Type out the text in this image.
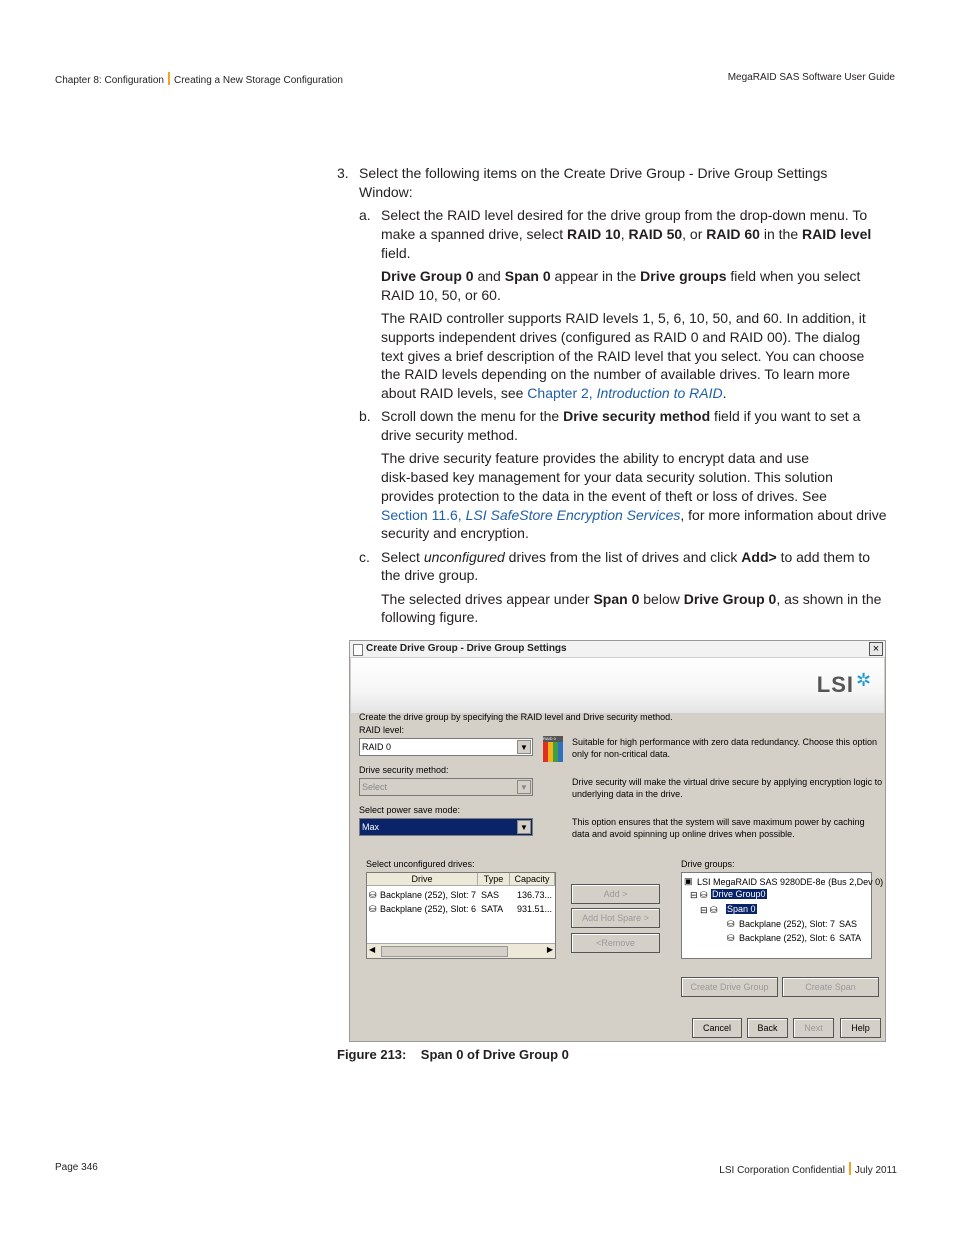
Chapter 8: Configuration Creating a New Storage Configuration	MegaRAID SAS Software User Guide
3. Select the following items on the Create Drive Group - Drive Group Settings
Window:
a. Select the RAID level desired for the drive group from the drop-down menu. To
make a spanned drive, select RAID 10, RAID 50, or RAID 60 in the RAID level
field.
Drive Group 0 and Span 0 appear in the Drive groups field when you select
RAID 10, 50, or 60.
The RAID controller supports RAID levels 1, 5, 6, 10, 50, and 60. In addition, it
supports independent drives (configured as RAID 0 and RAID 00). The dialog
text gives a brief description of the RAID level that you select. You can choose
the RAID levels depending on the number of available drives. To learn more
about RAID levels, see Chapter 2, Introduction to RAID.
b. Scroll down the menu for the Drive security method field if you want to set a
drive security method.
The drive security feature provides the ability to encrypt data and use
disk-based key management for your data security solution. This solution
provides protection to the data in the event of theft or loss of drives. See
Section 11.6, LSI SafeStore Encryption Services, for more information about drive
security and encryption.
c. Select unconfigured drives from the list of drives and click Add> to add them to
the drive group.
The selected drives appear under Span 0 below Drive Group 0, as shown in the
following figure.
Create Drive Group - Drive Group Settings	×
LSI ✲
Create the drive group by specifying the RAID level and Drive security method.
RAID level:
RAID 0	▼
RAID 0	Suitable for high performance with zero data redundancy. Choose this option
only for non-critical data.
Drive security method:
Select	▼
Drive security will make the virtual drive secure by applying encryption logic to
underlying data in the drive.
Select power save mode:
Max	▼
This option ensures that the system will save maximum power by caching
data and avoid spinning up online drives when possible.
Select unconfigured drives:
Drive	Type	Capacity
⛁ Backplane (252), Slot: 7 SAS 136.73...
⛁ Backplane (252), Slot: 6 SATA 931.51...
◀	▶
Add >
Add Hot Spare >
<Remove
Drive groups:
▣ LSI MegaRAID SAS 9280DE-8e (Bus 2,Dev 0)
⊟ ⛁ Drive Group0
⊟ ⛁ Span 0
⛁ Backplane (252), Slot: 7 SAS
⛁ Backplane (252), Slot: 6 SATA
Create Drive Group	Create Span
Cancel	Back	Next	Help
Figure 213:    Span 0 of Drive Group 0
Page 346	LSI Corporation Confidential July 2011
